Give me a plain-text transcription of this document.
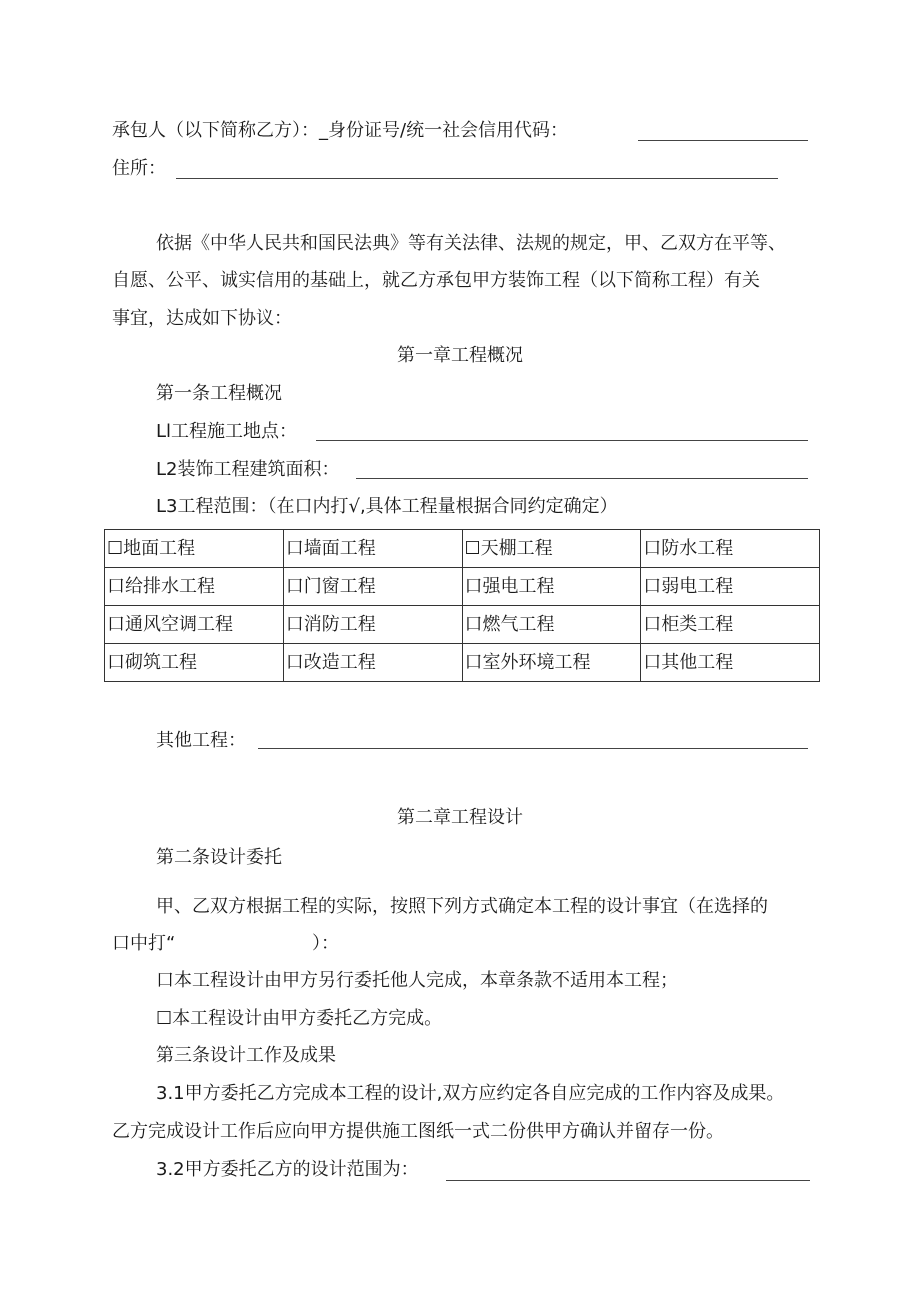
承包人（以下简称乙方）：_身份证号/统一社会信用代码：
住所：
依据《中华人民共和国民法典》等有关法律、法规的规定，甲、乙双方在平等、
自愿、公平、诚实信用的基础上，就乙方承包甲方装饰工程（以下简称工程）有关
事宜，达成如下协议：
第一章工程概况
第一条工程概况
Ll工程施工地点：
L2装饰工程建筑面积：
L3工程范围：（在口内打√,具体工程量根据合同约定确定）
☐地面工程	口墙面工程	☐天棚工程	口防水工程
口给排水工程	口门窗工程	口强电工程	口弱电工程
口通风空调工程	口消防工程	口燃气工程	口柜类工程
口砌筑工程	口改造工程	口室外环境工程	口其他工程
其他工程：
第二章工程设计
第二条设计委托
甲、乙双方根据工程的实际，按照下列方式确定本工程的设计事宜（在选择的
口中打“	）：
口本工程设计由甲方另行委托他人完成，本章条款不适用本工程；
☐本工程设计由甲方委托乙方完成。
第三条设计工作及成果
3.1甲方委托乙方完成本工程的设计,双方应约定各自应完成的工作内容及成果。
乙方完成设计工作后应向甲方提供施工图纸一式二份供甲方确认并留存一份。
3.2甲方委托乙方的设计范围为：
